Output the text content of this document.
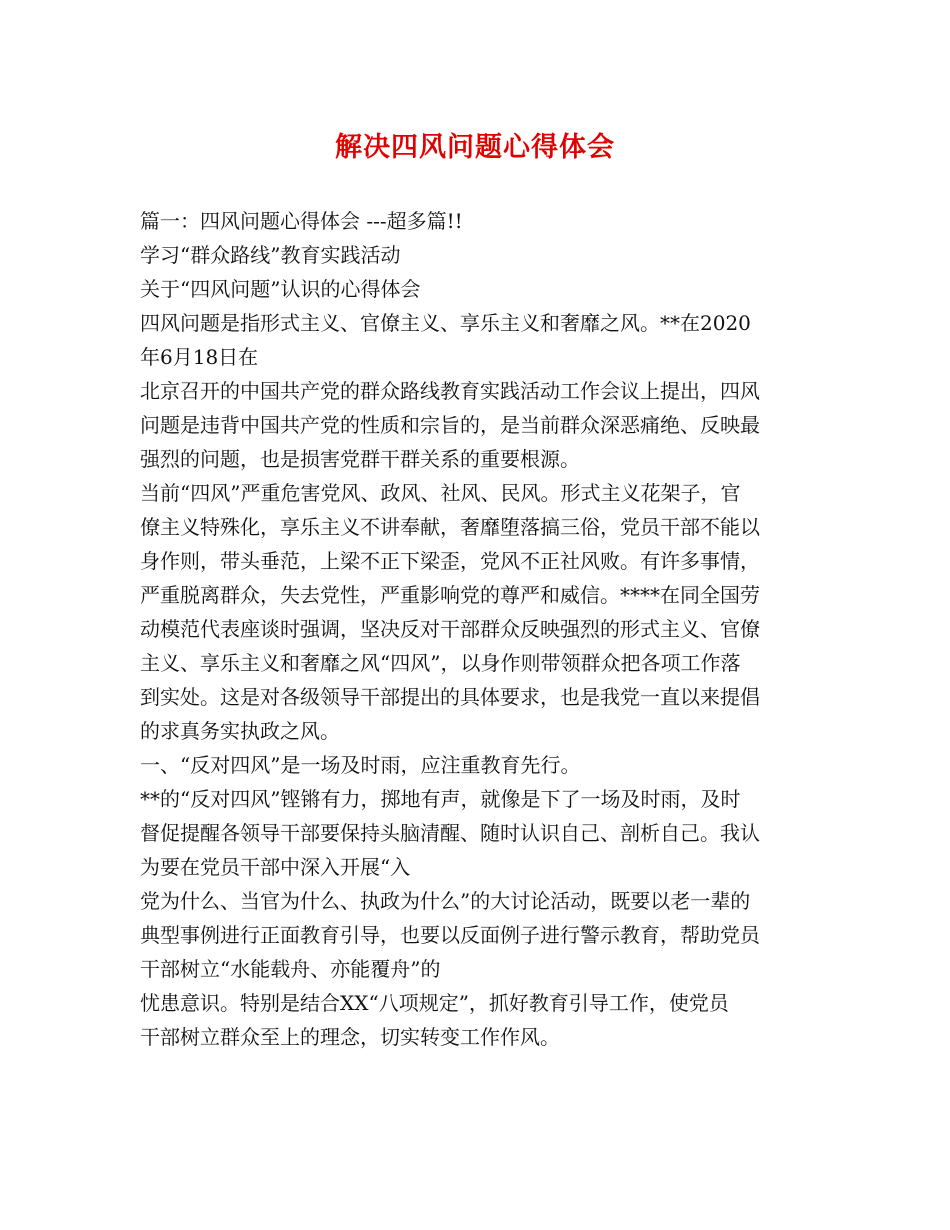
解决四风问题心得体会
篇一：四风问题心得体会 ---超多篇!!
学习“群众路线”教育实践活动
关于“四风问题”认识的心得体会
四风问题是指形式主义、官僚主义、享乐主义和奢靡之风。**在2020
年6月18日在
北京召开的中国共产党的群众路线教育实践活动工作会议上提出，四风
问题是违背中国共产党的性质和宗旨的，是当前群众深恶痛绝、反映最
强烈的问题，也是损害党群干群关系的重要根源。
当前“四风”严重危害党风、政风、社风、民风。形式主义花架子，官
僚主义特殊化，享乐主义不讲奉献，奢靡堕落搞三俗，党员干部不能以
身作则，带头垂范，上梁不正下梁歪，党风不正社风败。有许多事情，
严重脱离群众，失去党性，严重影响党的尊严和威信。****在同全国劳
动模范代表座谈时强调，坚决反对干部群众反映强烈的形式主义、官僚
主义、享乐主义和奢靡之风“四风”，以身作则带领群众把各项工作落
到实处。这是对各级领导干部提出的具体要求，也是我党一直以来提倡
的求真务实执政之风。
一、“反对四风”是一场及时雨，应注重教育先行。
**的“反对四风”铿锵有力，掷地有声，就像是下了一场及时雨，及时
督促提醒各领导干部要保持头脑清醒、随时认识自己、剖析自己。我认
为要在党员干部中深入开展“入
党为什么、当官为什么、执政为什么”的大讨论活动，既要以老一辈的
典型事例进行正面教育引导，也要以反面例子进行警示教育，帮助党员
干部树立“水能载舟、亦能覆舟”的
忧患意识。特别是结合XX“八项规定”，抓好教育引导工作，使党员
干部树立群众至上的理念，切实转变工作作风。
